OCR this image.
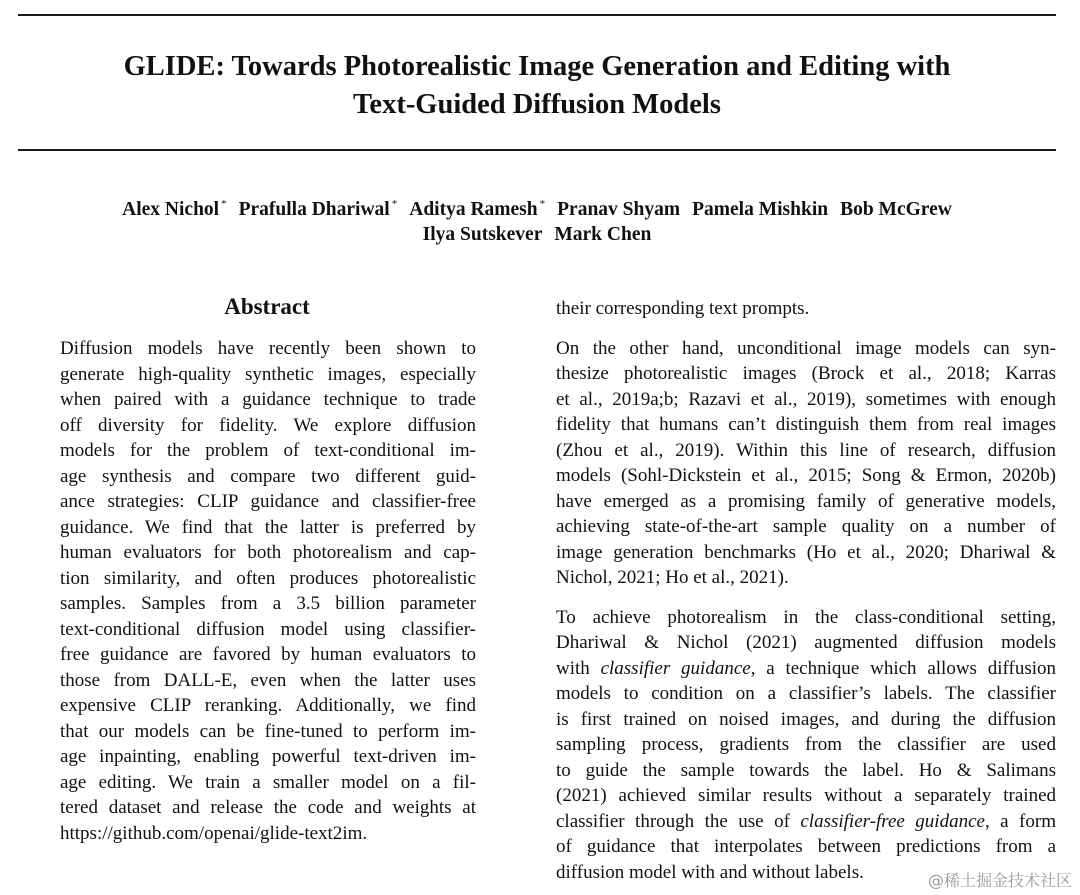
GLIDE: Towards Photorealistic Image Generation and Editing with
Text-Guided Diffusion Models
Alex Nichol * Prafulla Dhariwal * Aditya Ramesh * Pranav Shyam Pamela Mishkin Bob McGrew
Ilya Sutskever Mark Chen
Abstract
Diffusion models have recently been shown to
generate high-quality synthetic images, especially
when paired with a guidance technique to trade
off diversity for fidelity. We explore diffusion
models for the problem of text-conditional im-
age synthesis and compare two different guid-
ance strategies: CLIP guidance and classifier-free
guidance. We find that the latter is preferred by
human evaluators for both photorealism and cap-
tion similarity, and often produces photorealistic
samples. Samples from a 3.5 billion parameter
text-conditional diffusion model using classifier-
free guidance are favored by human evaluators to
those from DALL-E, even when the latter uses
expensive CLIP reranking. Additionally, we find
that our models can be fine-tuned to perform im-
age inpainting, enabling powerful text-driven im-
age editing. We train a smaller model on a fil-
tered dataset and release the code and weights at
https://github.com/openai/glide-text2im.
their corresponding text prompts.
On the other hand, unconditional image models can syn-
thesize photorealistic images (Brock et al., 2018; Karras
et al., 2019a;b; Razavi et al., 2019), sometimes with enough
fidelity that humans can’t distinguish them from real images
(Zhou et al., 2019). Within this line of research, diffusion
models (Sohl-Dickstein et al., 2015; Song & Ermon, 2020b)
have emerged as a promising family of generative models,
achieving state-of-the-art sample quality on a number of
image generation benchmarks (Ho et al., 2020; Dhariwal &
Nichol, 2021; Ho et al., 2021).
To achieve photorealism in the class-conditional setting,
Dhariwal & Nichol (2021) augmented diffusion models
with classifier guidance, a technique which allows diffusion
models to condition on a classifier’s labels. The classifier
is first trained on noised images, and during the diffusion
sampling process, gradients from the classifier are used
to guide the sample towards the label. Ho & Salimans
(2021) achieved similar results without a separately trained
classifier through the use of classifier-free guidance, a form
of guidance that interpolates between predictions from a
diffusion model with and without labels.	@稀土掘金技术社区
